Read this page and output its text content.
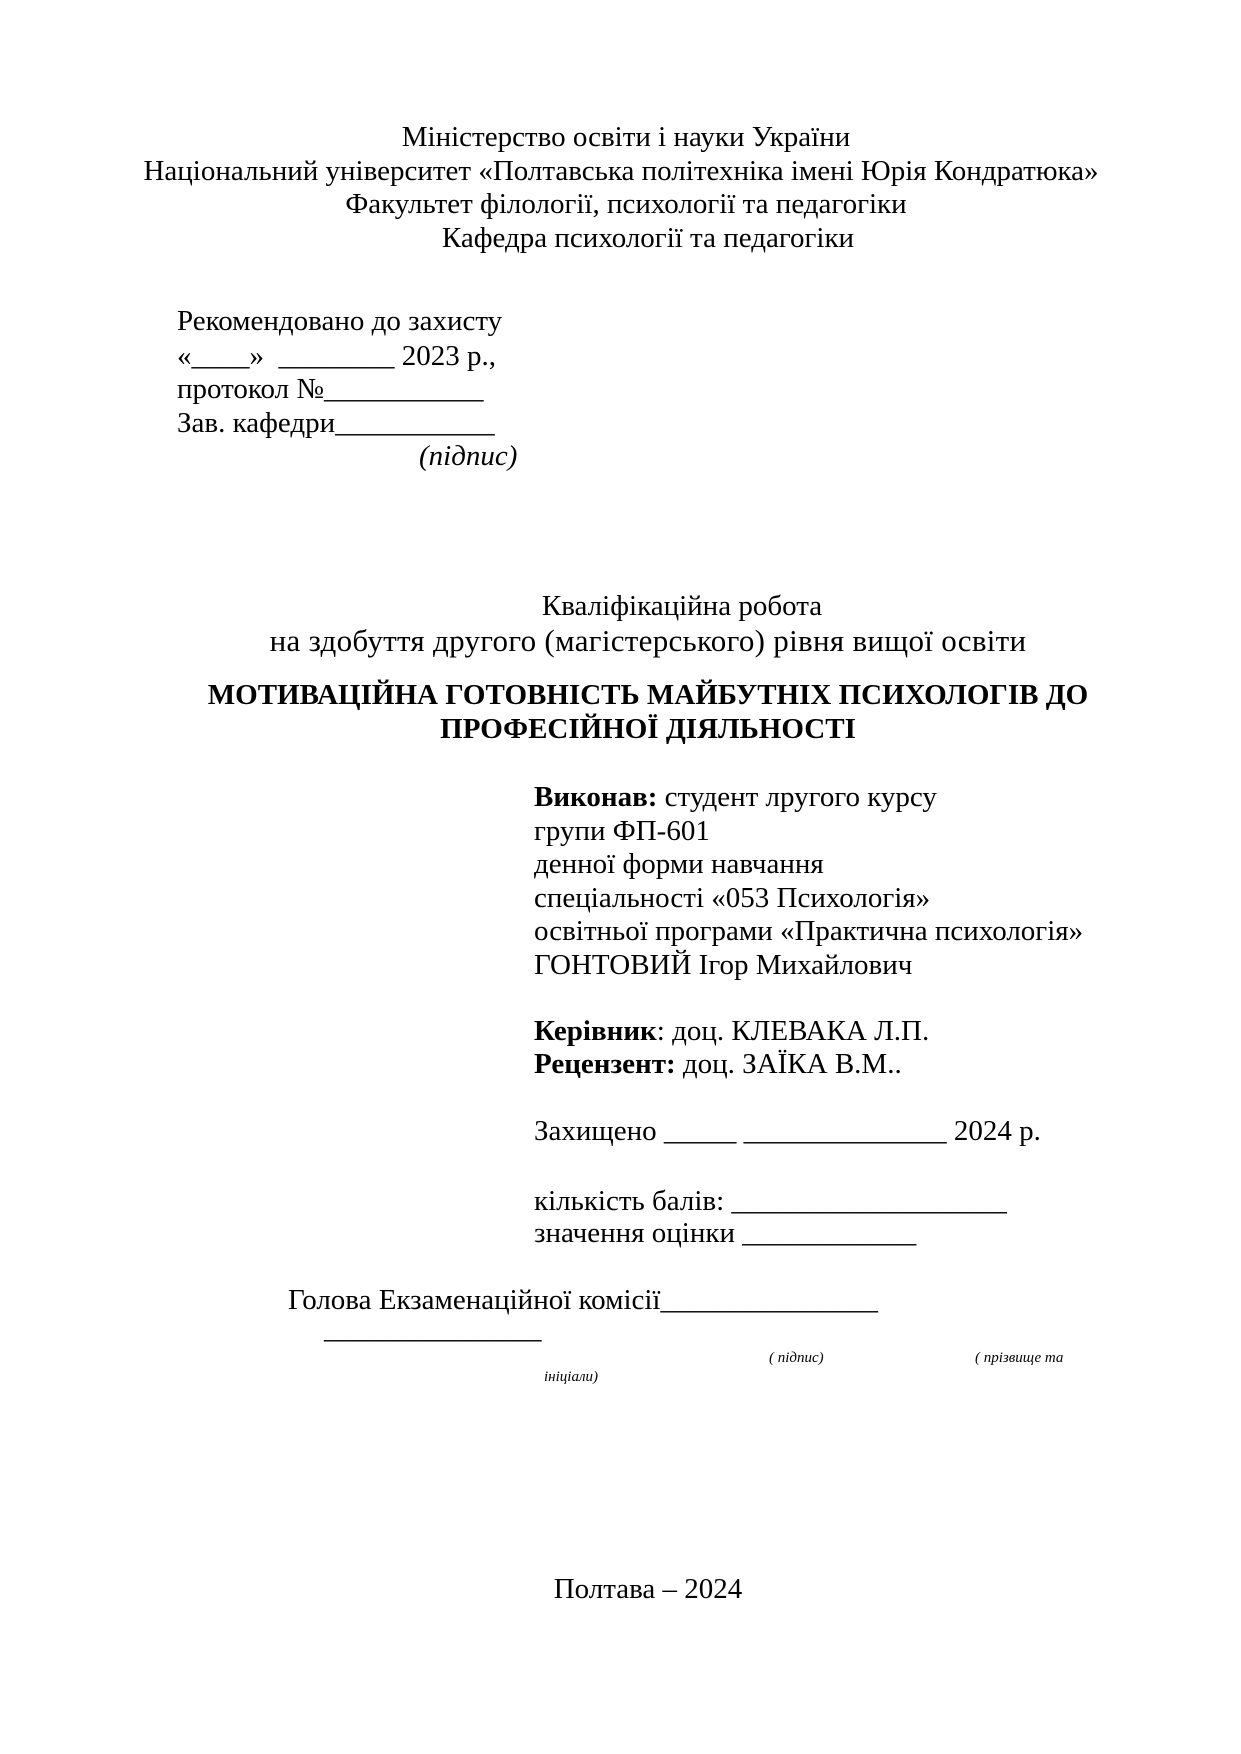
Міністерство освіти і науки України
Національний університет «Полтавська політехніка імені Юрія Кондратюка»
Факультет філології, психології та педагогіки
Кафедра психології та педагогіки
Рекомендовано до захисту
«____»  ________ 2023 р.,
протокол №___________
Зав. кафедри___________
(підпис)
Кваліфікаційна робота
на здобуття другого (магістерського) рівня вищої освіти
МОТИВАЦІЙНА ГОТОВНІСТЬ МАЙБУТНІХ ПСИХОЛОГІВ ДО
ПРОФЕСІЙНОЇ ДІЯЛЬНОСТІ
Виконав: студент лругого курсу
групи ФП-601
денної форми навчання
спеціальності «053 Психологія»
освітньої програми «Практична психологія»
ГОНТОВИЙ Ігор Михайлович
Керівник: доц. КЛЕВАКА Л.П.
Рецензент: доц. ЗАЇКА В.М..
Захищено _____ ______________ 2024 р.
кількість балів: ___________________
значення оцінки ____________
Голова Екзаменаційної комісії_______________
_______________
( підпис)	( прізвище та
ініціали)
Полтава – 2024
